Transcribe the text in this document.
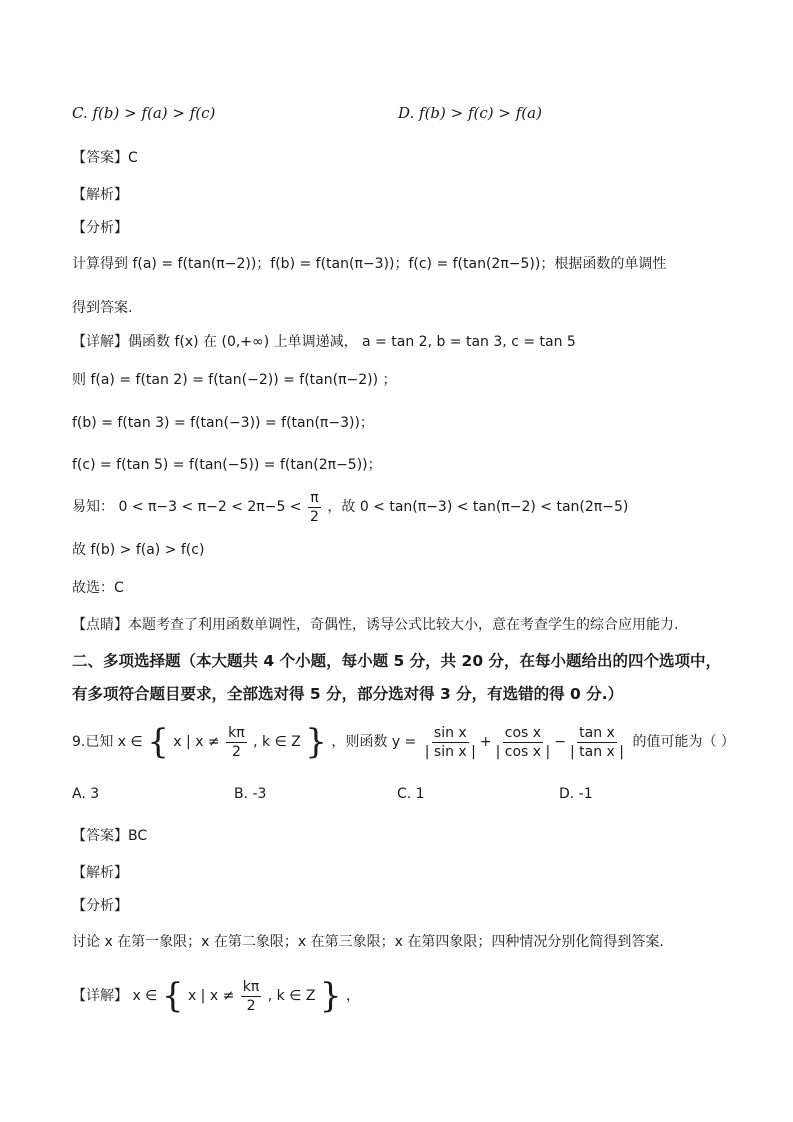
C. f(b) > f(a) > f(c)	D. f(b) > f(c) > f(a)
【答案】C
【解析】
【分析】
计算得到 f(a) = f(tan(π−2))；f(b) = f(tan(π−3))；f(c) = f(tan(2π−5))；根据函数的单调性
得到答案.
【详解】偶函数 f(x) 在 (0,+∞) 上单调递减， a = tan 2, b = tan 3, c = tan 5
则 f(a) = f(tan 2) = f(tan(−2)) = f(tan(π−2)) ；
f(b) = f(tan 3) = f(tan(−3)) = f(tan(π−3))；
f(c) = f(tan 5) = f(tan(−5)) = f(tan(2π−5))；
易知： $0 < \pi-3 < \pi-2 < 2\pi-5 < \frac{\pi}{2}$ ，故 0 < tan(π−3) < tan(π−2) < tan(2π−5)
故 f(b) > f(a) > f(c)
故选：C
【点睛】本题考查了利用函数单调性，奇偶性，诱导公式比较大小，意在考查学生的综合应用能力.
二、多项选择题（本大题共 4 个小题，每小题 5 分，共 20 分，在每小题给出的四个选项中，
有多项符合题目要求，全部选对得 5 分，部分选对得 3 分，有选错的得 0 分.）
9.已知 x ∈ { x | $x \ne \frac{k\pi}{2}$ , k ∈ Z } ，则函数 $y = \frac{\text{sin x}}{\text{| sin x |}} + \frac{\text{cos x}}{\text{| cos x |}} - \frac{\text{tan x}}{\text{| tan x |}}$ 的值可能为（ ）
A. 3	B. -3	C. 1	D. -1
【答案】BC
【解析】
【分析】
讨论 x 在第一象限；x 在第二象限；x 在第三象限；x 在第四象限；四种情况分别化简得到答案.
【详解】 x ∈ { x | $x \ne \frac{k\pi}{2}$ , k ∈ Z } ，
